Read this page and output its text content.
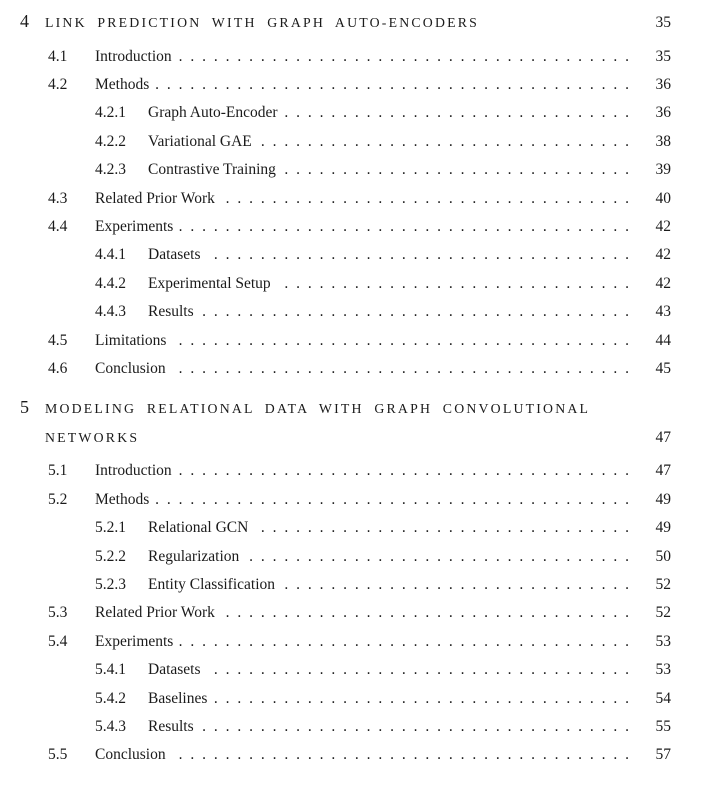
4	LINK PREDICTION WITH GRAPH AUTO-ENCODERS	35
4.1	Introduction . . .	35
4.2	Methods . . .	36
4.2.1	Graph Auto-Encoder . . .	36
4.2.2	Variational GAE . . .	38
4.2.3	Contrastive Training . . .	39
4.3	Related Prior Work . . .	40
4.4	Experiments . . .	42
4.4.1	Datasets . . .	42
4.4.2	Experimental Setup . . .	42
4.4.3	Results . . .	43
4.5	Limitations . . .	44
4.6	Conclusion . . .	45
5	MODELING RELATIONAL DATA WITH GRAPH CONVOLUTIONAL
NETWORKS	47
5.1	Introduction . . .	47
5.2	Methods . . .	49
5.2.1	Relational GCN . . .	49
5.2.2	Regularization . . .	50
5.2.3	Entity Classification . . .	52
5.3	Related Prior Work . . .	52
5.4	Experiments . . .	53
5.4.1	Datasets . . .	53
5.4.2	Baselines . . .	54
5.4.3	Results . . .	55
5.5	Conclusion . . .	57
